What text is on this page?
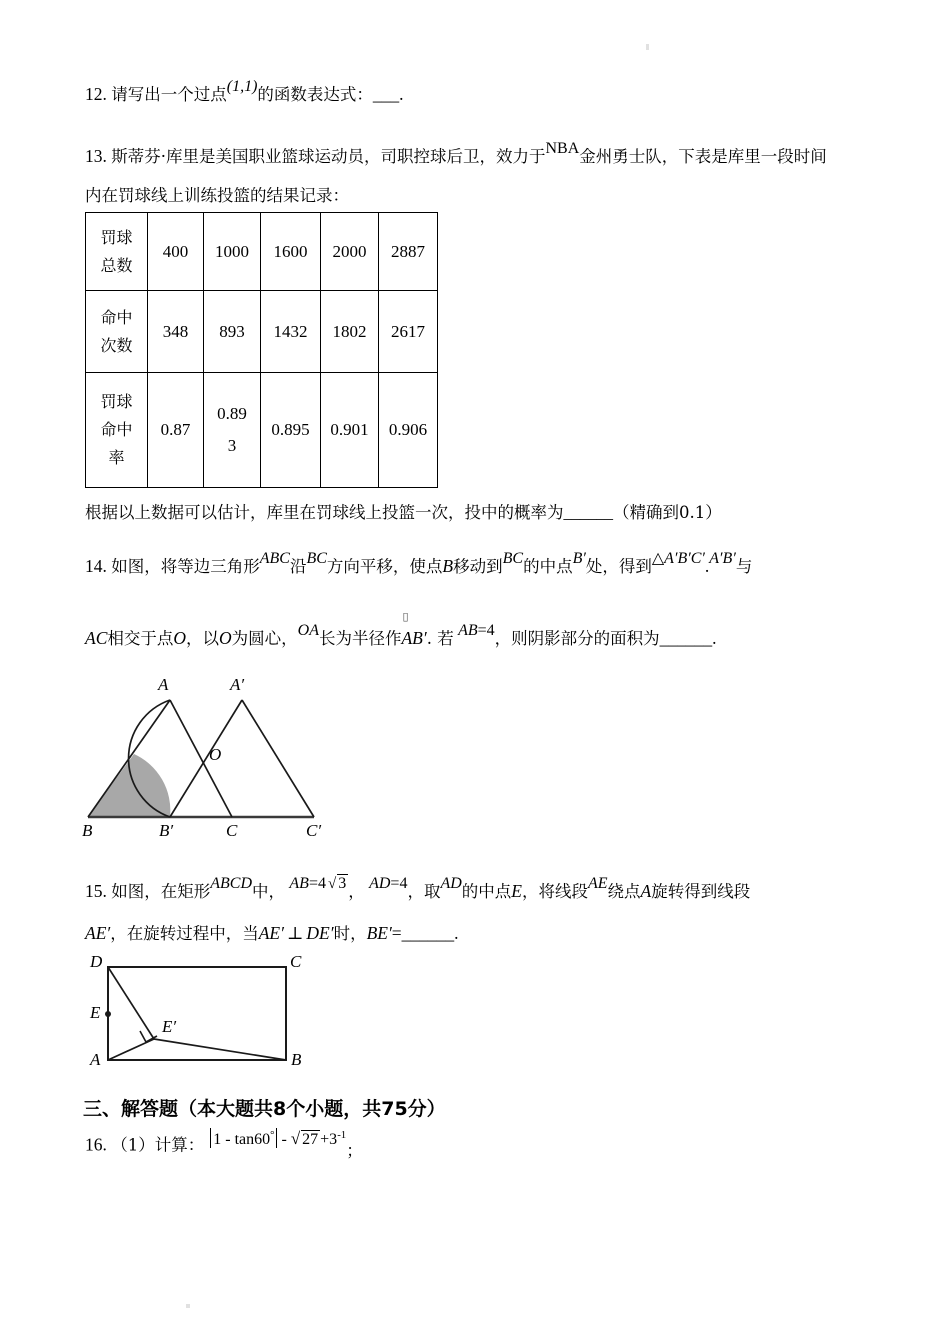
12. 请写出一个过点(1,1)的函数表达式：___.
13. 斯蒂芬·库里是美国职业篮球运动员，司职控球后卫，效力于NBA金州勇士队，下表是库里一段时间
内在罚球线上训练投篮的结果记录：
罚球
总数	400	1000	1600	2000	2887

命中
次数	348	893	1432	1802	2617

罚球
命中
率	0.87	0.893	0.895	0.901	0.906
根据以上数据可以估计，库里在罚球线上投篮一次，投中的概率为______（精确到0.1）
14. 如图，将等边三角形ABC沿BC方向平移，使点B移动到BC的中点B′处，得到△A′B′C′.A′B′与
AC相交于点O，以O为圆心，OA长为半径作
▯
AB′. 若 AB=4，则阴影部分的面积为______.
A	A′
O
B	B′	C	C′
15. 如图，在矩形ABCD中， AB=4 √ 3 ， AD=4，取AD的中点E，将线段AE绕点A旋转得到线段
AE′，在旋转过程中，当AE′ ⊥ DE′时，BE′=______.
D	C
E
E′
A	B
三、解答题（本大题共8个小题，共75分）
16. （1）计算： 1 - tan60° - √ $27 +3^{-1}$；
